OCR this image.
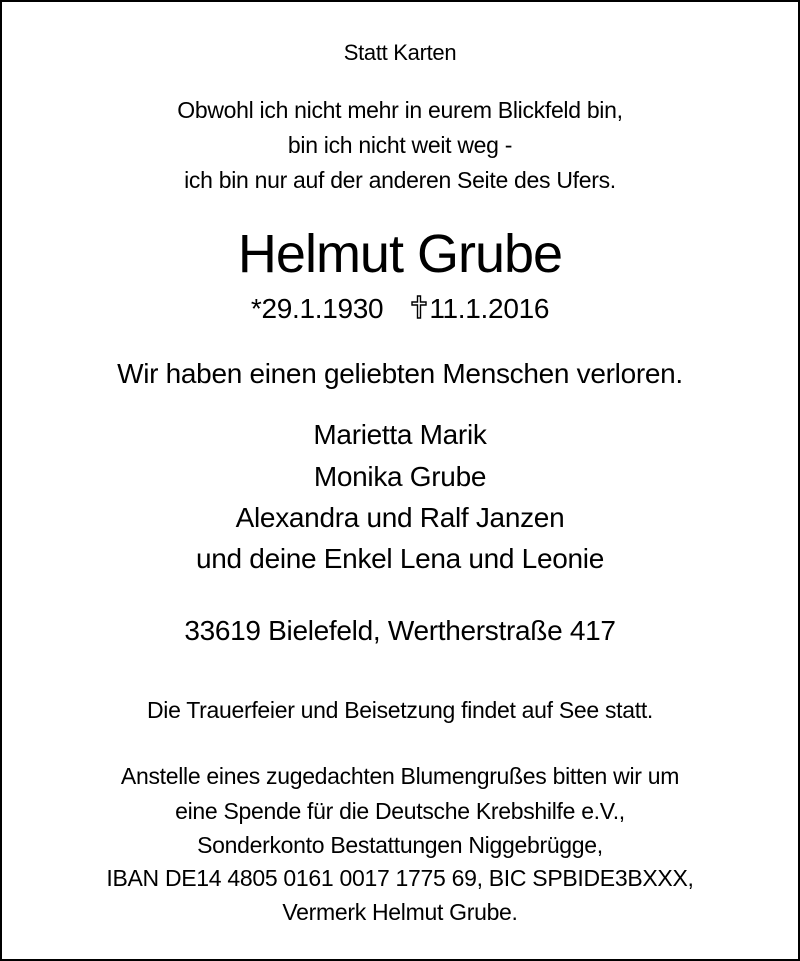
Statt Karten
Obwohl ich nicht mehr in eurem Blickfeld bin,
bin ich nicht weit weg -
ich bin nur auf der anderen Seite des Ufers.
Helmut Grube
*29.1.1930 11.1.2016
Wir haben einen geliebten Menschen verloren.
Marietta Marik
Monika Grube
Alexandra und Ralf Janzen
und deine Enkel Lena und Leonie
33619 Bielefeld, Wertherstraße 417
Die Trauerfeier und Beisetzung findet auf See statt.
Anstelle eines zugedachten Blumengrußes bitten wir um
eine Spende für die Deutsche Krebshilfe e.V.,
Sonderkonto Bestattungen Niggebrügge,
IBAN DE14 4805 0161 0017 1775 69, BIC SPBIDE3BXXX,
Vermerk Helmut Grube.
